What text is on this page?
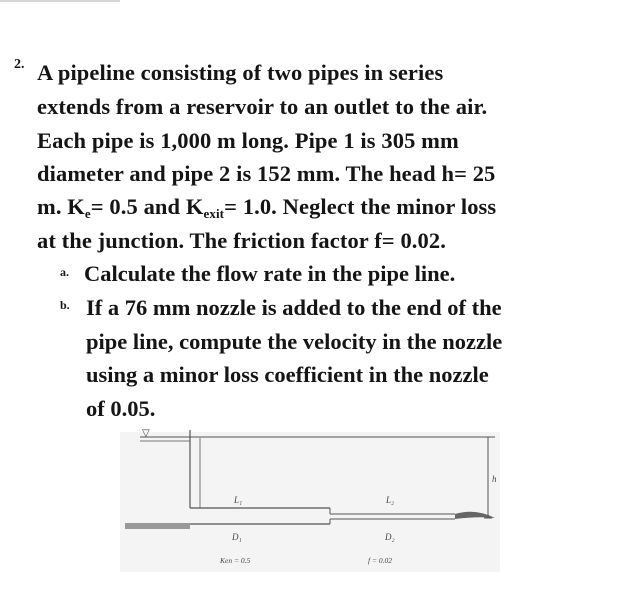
2. A pipeline consisting of two pipes in series
extends from a reservoir to an outlet to the air.
Each pipe is 1,000 m long. Pipe 1 is 305 mm
diameter and pipe 2 is 152 mm. The head h= 25
m. $K_e= 0.5$ and $K_{exit}= 1.0$. Neglect the minor loss
at the junction. The friction factor f= 0.02.
a. Calculate the flow rate in the pipe line.
b. If a 76 mm nozzle is added to the end of the
pipe line, compute the velocity in the nozzle
using a minor loss coefficient in the nozzle
of 0.05.
▽
h
L₁	L₂
D₁	D₂
Ken = 0.5	f = 0.02
